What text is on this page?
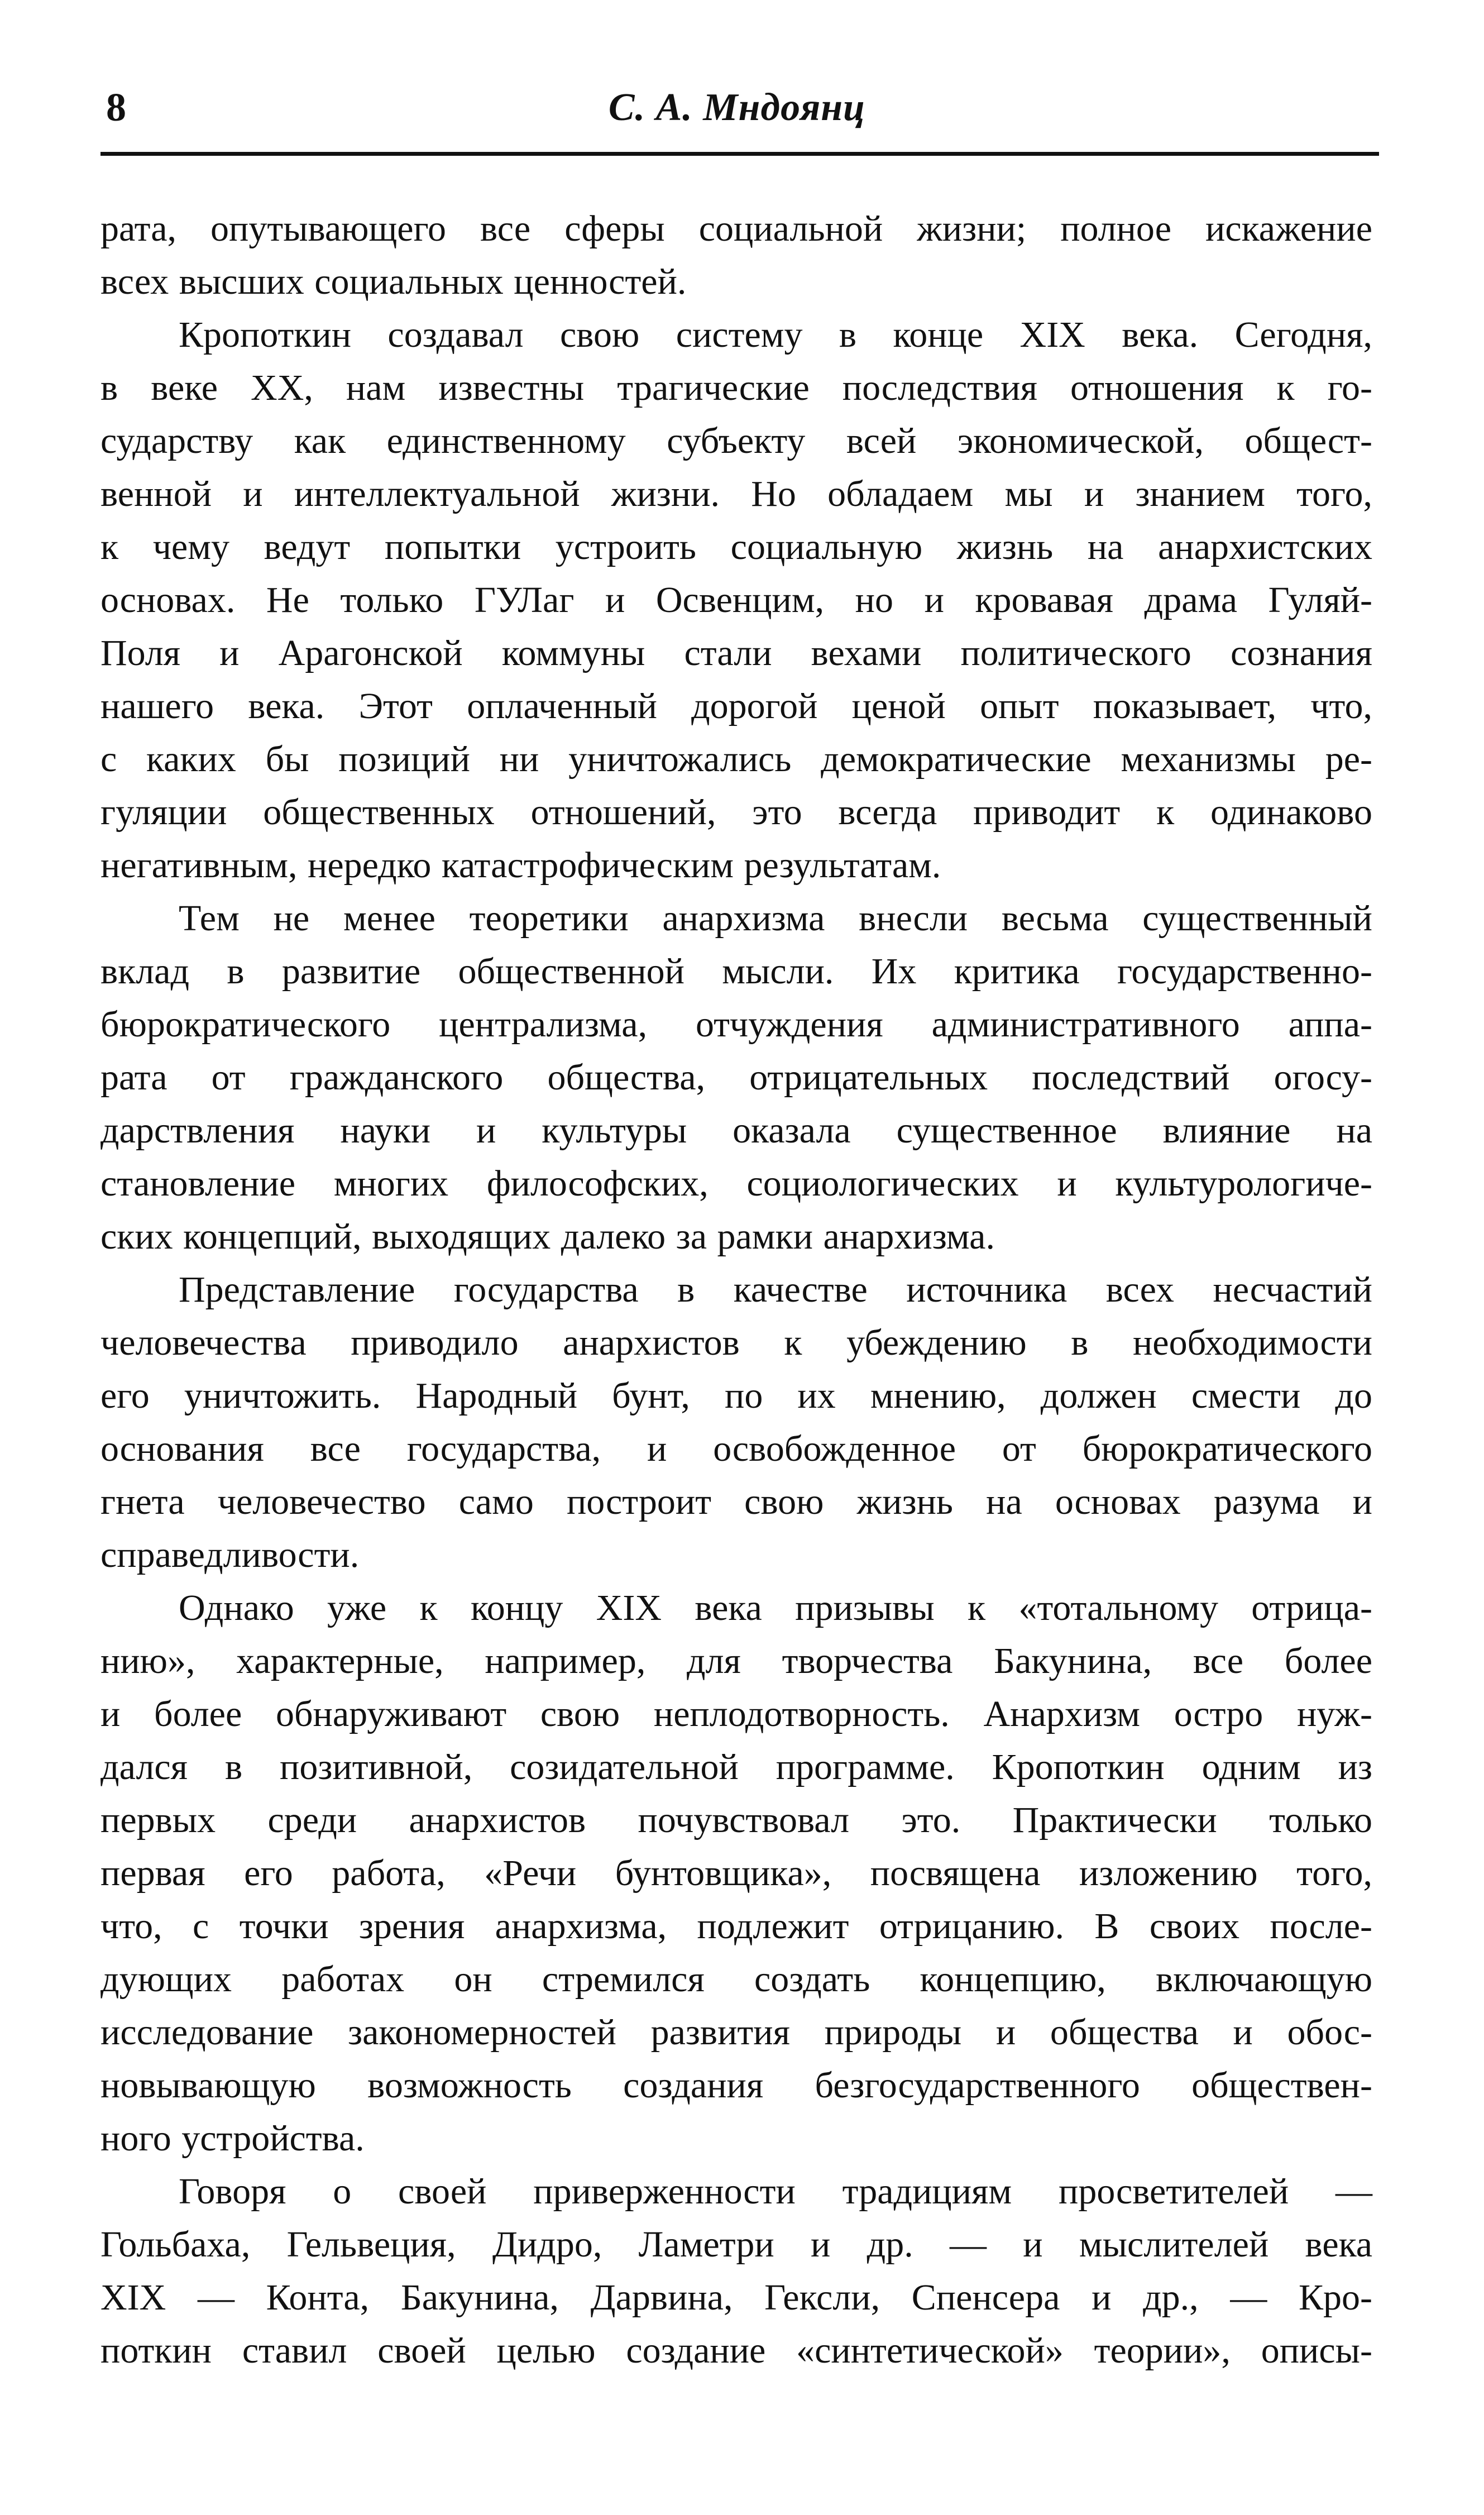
8	С. А. Мндоянц

рата, опутывающего все сферы социальной жизни; полное искажение
всех высших социальных ценностей.

Кропоткин создавал свою систему в конце XIX века. Сегодня,
в веке XX, нам известны трагические последствия отношения к го-
сударству как единственному субъекту всей экономической, общест-
венной и интеллектуальной жизни. Но обладаем мы и знанием того,
к чему ведут попытки устроить социальную жизнь на анархистских
основах. Не только ГУЛаг и Освенцим, но и кровавая драма Гуляй-
Поля и Арагонской коммуны стали вехами политического сознания
нашего века. Этот оплаченный дорогой ценой опыт показывает, что,
с каких бы позиций ни уничтожались демократические механизмы ре-
гуляции общественных отношений, это всегда приводит к одинаково
негативным, нередко катастрофическим результатам.

Тем не менее теоретики анархизма внесли весьма существенный
вклад в развитие общественной мысли. Их критика государственно-
бюрократического централизма, отчуждения административного аппа-
рата от гражданского общества, отрицательных последствий огосу-
дарствления науки и культуры оказала существенное влияние на
становление многих философских, социологических и культурологиче-
ских концепций, выходящих далеко за рамки анархизма.

Представление государства в качестве источника всех несчастий
человечества приводило анархистов к убеждению в необходимости
его уничтожить. Народный бунт, по их мнению, должен смести до
основания все государства, и освобожденное от бюрократического
гнета человечество само построит свою жизнь на основах разума и
справедливости.

Однако уже к концу XIX века призывы к «тотальному отрица-
нию», характерные, например, для творчества Бакунина, все более
и более обнаруживают свою неплодотворность. Анархизм остро нуж-
дался в позитивной, созидательной программе. Кропоткин одним из
первых среди анархистов почувствовал это. Практически только
первая его работа, «Речи бунтовщика», посвящена изложению того,
что, с точки зрения анархизма, подлежит отрицанию. В своих после-
дующих работах он стремился создать концепцию, включающую
исследование закономерностей развития природы и общества и обос-
новывающую возможность создания безгосударственного обществен-
ного устройства.

Говоря о своей приверженности традициям просветителей —
Гольбаха, Гельвеция, Дидро, Ламетри и др. — и мыслителей века
XIX — Конта, Бакунина, Дарвина, Гексли, Спенсера и др., — Кро-
поткин ставил своей целью создание «синтетической» теории», описы-
